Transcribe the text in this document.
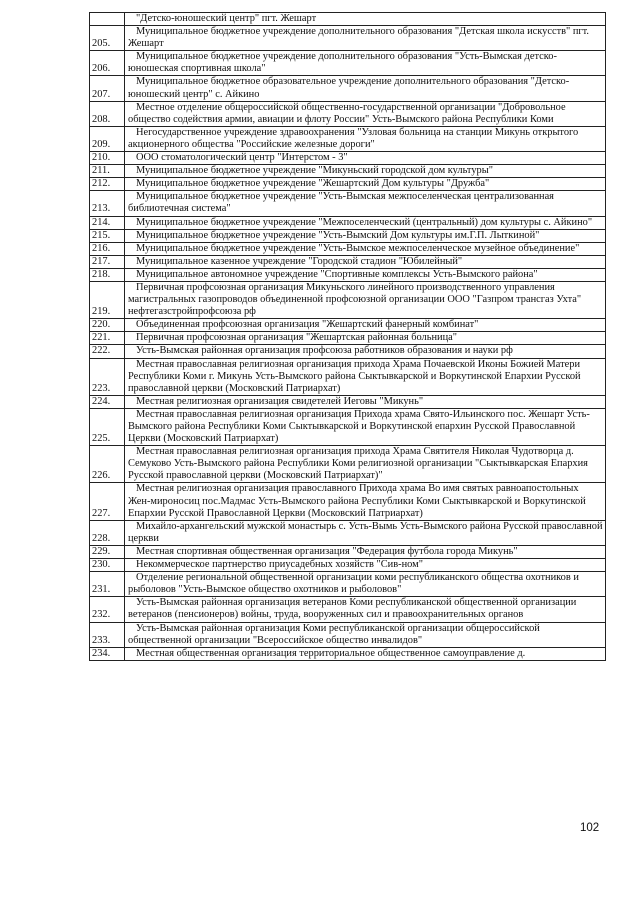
	"Детско-юношеский центр" пгт. Жешарт
205.	Муниципальное бюджетное учреждение дополнительного образования "Детская школа искусств" пгт. Жешарт
206.	Муниципальное бюджетное учреждение дополнительного образования "Усть-Вымская детско-юношеская спортивная школа"
207.	Муниципальное бюджетное образовательное учреждение дополнительного образования "Детско-юношеский центр" с. Айкино
208.	Местное отделение общероссийской общественно-государственной организации "Добровольное общество содействия армии, авиации и флоту России" Усть-Вымского района Республики Коми
209.	Негосударственное учреждение здравоохранения "Узловая больница на станции Микунь открытого акционерного общества "Российские железные дороги"
210.	ООО стоматологический центр "Интерстом - 3"
211.	Муниципальное бюджетное учреждение "Микуньский городской дом культуры"
212.	Муниципальное бюджетное учреждение "Жешартский Дом культуры "Дружба"
213.	Муниципальное бюджетное учреждение "Усть-Вымская межпоселенческая централизованная библиотечная система"
214.	Муниципальное бюджетное учреждение "Межпоселенческий (центральный) дом культуры с. Айкино"
215.	Муниципальное бюджетное учреждение "Усть-Вымский Дом культуры им.Г.П. Лыткиной"
216.	Муниципальное бюджетное учреждение "Усть-Вымское межпоселенческое музейное объединение"
217.	Муниципальное казенное учреждение "Городской стадион "Юбилейный"
218.	Муниципальное автономное учреждение "Спортивные комплексы Усть-Вымского района"
219.	Первичная профсоюзная организация Микуньского линейного производственного управления магистральных газопроводов объединенной профсоюзной организации ООО "Газпром трансгаз Ухта" нефтегазстройпрофсоюза рф
220.	Объединенная профсоюзная организация "Жешартский фанерный комбинат"
221.	Первичная профсоюзная организация "Жешартская районная больница"
222.	Усть-Вымская районная организация профсоюза работников образования и науки рф
223.	Местная православная религиозная организация прихода Храма Почаевской Иконы Божией Матери Республики Коми г. Микунь Усть-Вымского района Сыктывкарской и Воркутинской Епархии Русской православной церкви (Московский Патриархат)
224.	Местная религиозная организация свидетелей Иеговы "Микунь"
225.	Местная православная религиозная организация Прихода храма Свято-Ильинского пос. Жешарт Усть-Вымского района Республики Коми Сыктывкарской и Воркутинской епархин Русской Православной Церкви (Московский Патриархат)
226.	Местная православная религиозная организация прихода Храма Святителя Николая Чудотворца д. Семуково Усть-Вымского района Республики Коми религиозной организации "Сыктывкарская Епархия Русской православной церкви (Московский Патриархат)"
227.	Местная религиозная организация православного Прихода храма Во имя святых равноапостольных Жен-мироносиц пос.Мадмас Усть-Вымского района Республики Коми Сыктывкарской и Воркутинской Епархии Русской Православной Церкви (Московский Патриархат)
228.	Михайло-архангельский мужской монастырь с. Усть-Вымь Усть-Вымского района Русской православной церкви
229.	Местная спортивная общественная организация "Федерация футбола города Микунь"
230.	Некоммерческое партнерство приусадебных хозяйств "Сив-ном"
231.	Отделение региональной общественной организации коми республиканского общества охотников и рыболовов "Усть-Вымское общество охотников и рыболовов"
232.	Усть-Вымская районная организация ветеранов Коми республиканской общественной организации ветеранов (пенсионеров) войны, труда, вооруженных сил и правоохранительных органов
233.	Усть-Вымская районная организация Коми республиканской организации общероссийской общественной организации "Всероссийское общество инвалидов"
234.	Местная общественная организация территориальное общественное самоуправление д.
102
